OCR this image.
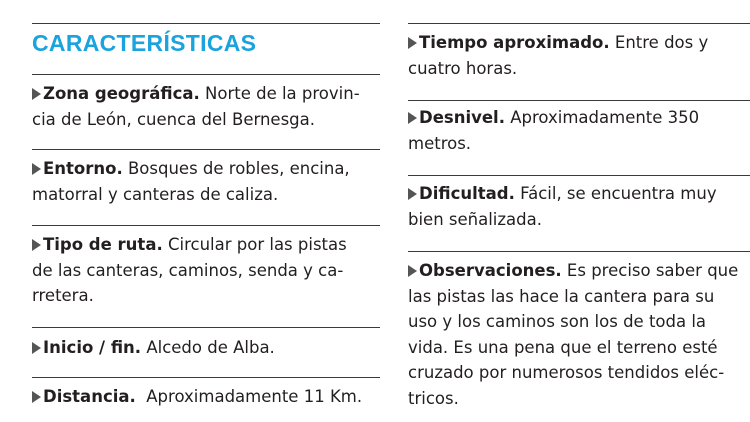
CARACTERÍSTICAS

Zona geográfica. Norte de la provin-
cia de León, cuenca del Bernesga.

Entorno. Bosques de robles, encina,
matorral y canteras de caliza.

Tipo de ruta. Circular por las pistas
de las canteras, caminos, senda y ca-
rretera.

Inicio / fin. Alcedo de Alba.

Distancia.  Aproximadamente 11 Km.

Tiempo aproximado. Entre dos y
cuatro horas.

Desnivel. Aproximadamente 350
metros.

Dificultad. Fácil, se encuentra muy
bien señalizada.

Observaciones. Es preciso saber que
las pistas las hace la cantera para su
uso y los caminos son los de toda la
vida. Es una pena que el terreno esté
cruzado por numerosos tendidos eléc-
tricos.
